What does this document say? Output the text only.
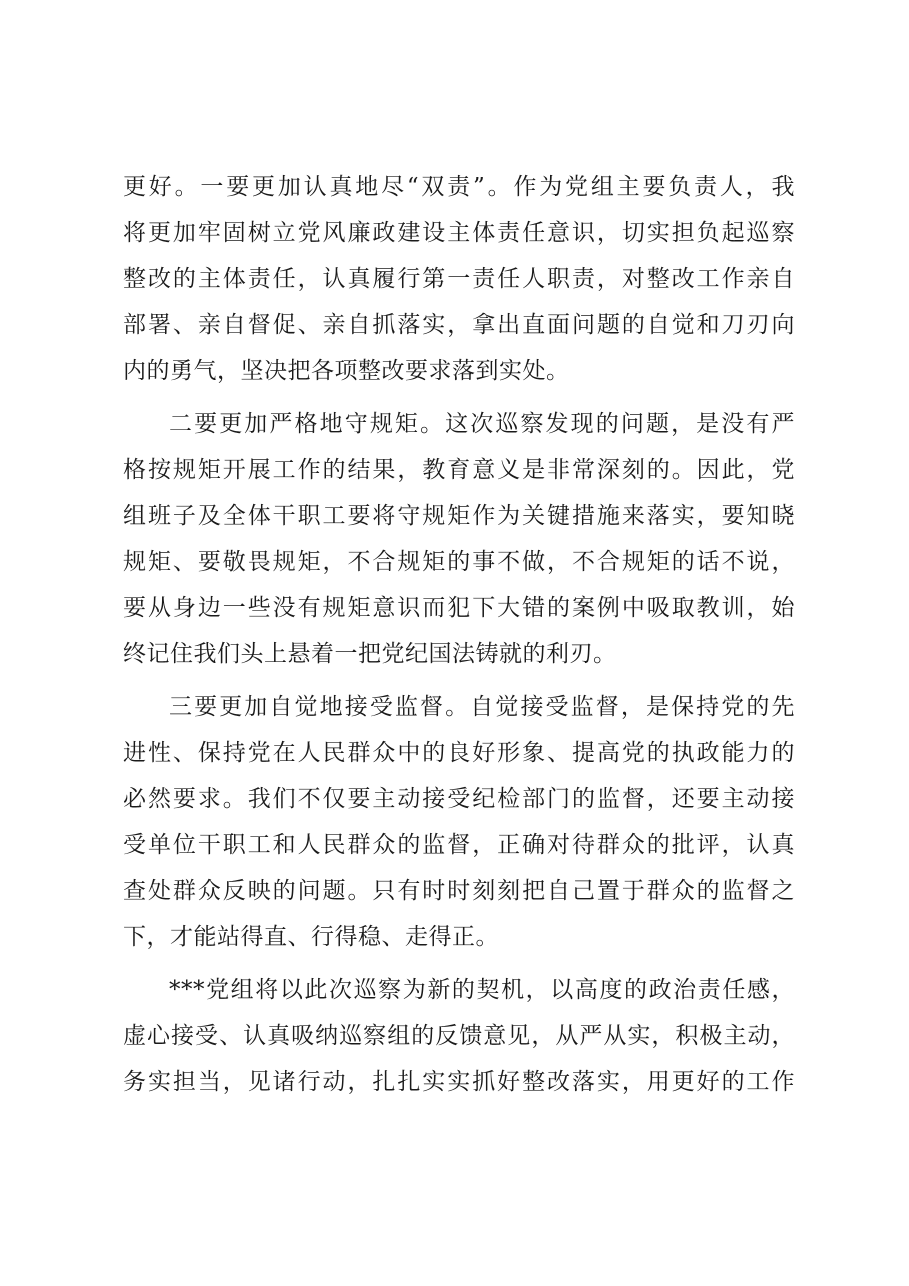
更好。一要更加认真地尽“双责”。作为党组主要负责人，我
将更加牢固树立党风廉政建设主体责任意识，切实担负起巡察
整改的主体责任，认真履行第一责任人职责，对整改工作亲自
部署、亲自督促、亲自抓落实，拿出直面问题的自觉和刀刃向
内的勇气，坚决把各项整改要求落到实处。
二要更加严格地守规矩。这次巡察发现的问题，是没有严
格按规矩开展工作的结果，教育意义是非常深刻的。因此，党
组班子及全体干职工要将守规矩作为关键措施来落实，要知晓
规矩、要敬畏规矩，不合规矩的事不做，不合规矩的话不说，
要从身边一些没有规矩意识而犯下大错的案例中吸取教训，始
终记住我们头上悬着一把党纪国法铸就的利刃。
三要更加自觉地接受监督。自觉接受监督，是保持党的先
进性、保持党在人民群众中的良好形象、提高党的执政能力的
必然要求。我们不仅要主动接受纪检部门的监督，还要主动接
受单位干职工和人民群众的监督，正确对待群众的批评，认真
查处群众反映的问题。只有时时刻刻把自己置于群众的监督之
下，才能站得直、行得稳、走得正。
***党组将以此次巡察为新的契机，以高度的政治责任感，
虚心接受、认真吸纳巡察组的反馈意见，从严从实，积极主动，
务实担当，见诸行动，扎扎实实抓好整改落实，用更好的工作
